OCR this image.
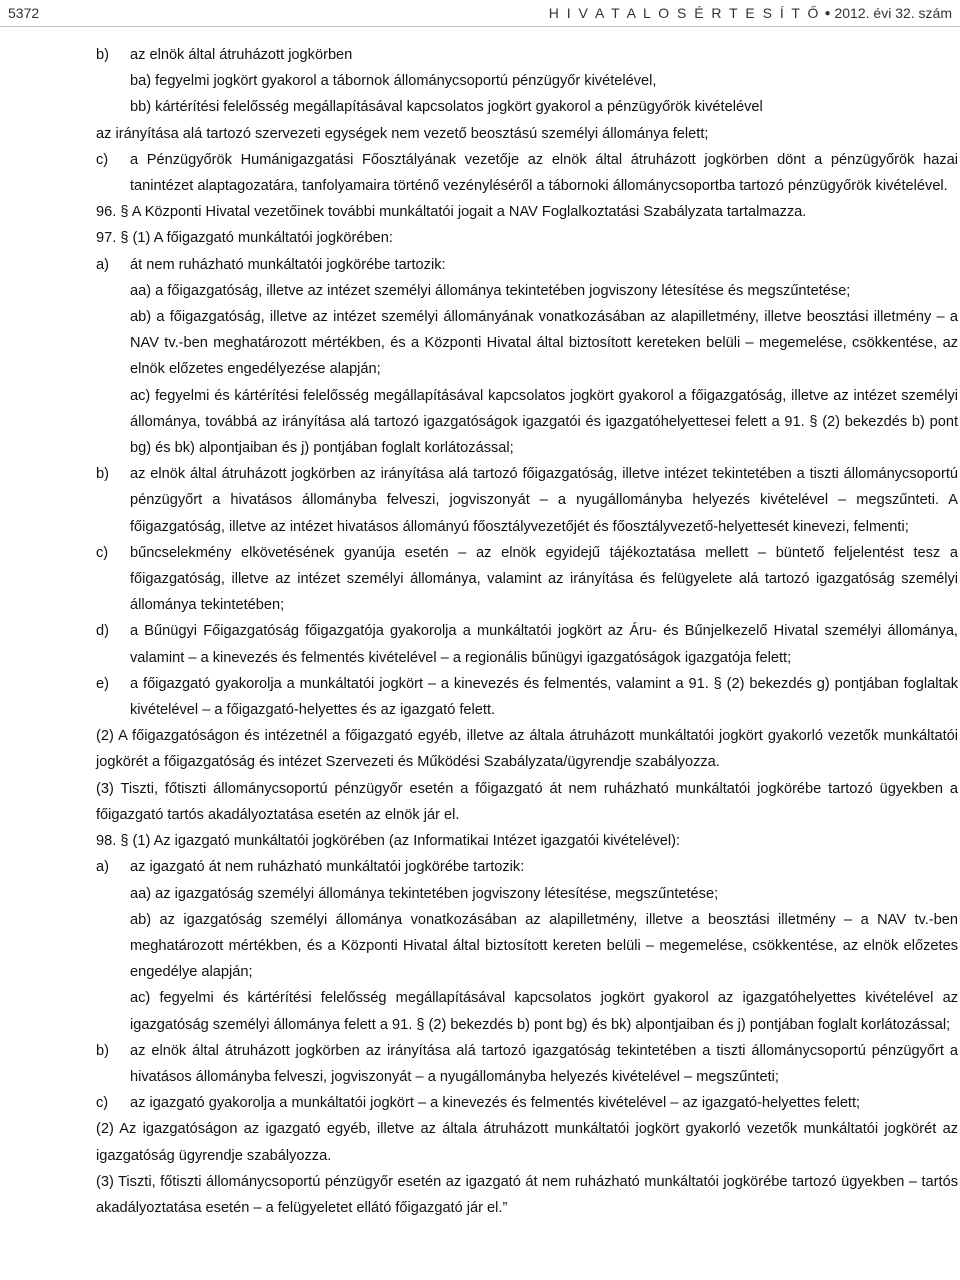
5372	H I V A T A L O S É R T E S Í T Ő ● 2012. évi 32. szám
b)	az elnök által átruházott jogkörben

ba) fegyelmi jogkört gyakorol a tábornok állománycsoportú pénzügyőr kivételével,

bb) kártérítési felelősség megállapításával kapcsolatos jogkört gyakorol a pénzügyőrök kivételével

az irányítása alá tartozó szervezeti egységek nem vezető beosztású személyi állománya felett;

c)	a Pénzügyőrök Humánigazgatási Főosztályának vezetője az elnök által átruházott jogkörben dönt a pénzügyőrök hazai tanintézet alaptagozatára, tanfolyamaira történő vezényléséről a tábornoki állománycsoportba tartozó pénzügyőrök kivételével.

96. § A Központi Hivatal vezetőinek további munkáltatói jogait a NAV Foglalkoztatási Szabályzata tartalmazza.

97. § (1) A főigazgató munkáltatói jogkörében:

a)	át nem ruházható munkáltatói jogkörébe tartozik:

aa) a főigazgatóság, illetve az intézet személyi állománya tekintetében jogviszony létesítése és megszűntetése;

ab) a főigazgatóság, illetve az intézet személyi állományának vonatkozásában az alapilletmény, illetve beosztási illetmény – a NAV tv.-ben meghatározott mértékben, és a Központi Hivatal által biztosított kereteken belüli – megemelése, csökkentése, az elnök előzetes engedélyezése alapján;

ac) fegyelmi és kártérítési felelősség megállapításával kapcsolatos jogkört gyakorol a főigazgatóság, illetve az intézet személyi állománya, továbbá az irányítása alá tartozó igazgatóságok igazgatói és igazgatóhelyettesei felett a 91. § (2) bekezdés b) pont bg) és bk) alpontjaiban és j) pontjában foglalt korlátozással;

b)	az elnök által átruházott jogkörben az irányítása alá tartozó főigazgatóság, illetve intézet tekintetében a tiszti állománycsoportú pénzügyőrt a hivatásos állományba felveszi, jogviszonyát – a nyugállományba helyezés kivételével – megszűnteti. A főigazgatóság, illetve az intézet hivatásos állományú főosztályvezetőjét és főosztályvezető-helyettesét kinevezi, felmenti;
c)	bűncselekmény elkövetésének gyanúja esetén – az elnök egyidejű tájékoztatása mellett – büntető feljelentést tesz a főigazgatóság, illetve az intézet személyi állománya, valamint az irányítása és felügyelete alá tartozó igazgatóság személyi állománya tekintetében;
d)	a Bűnügyi Főigazgatóság főigazgatója gyakorolja a munkáltatói jogkört az Áru- és Bűnjelkezelő Hivatal személyi állománya, valamint – a kinevezés és felmentés kivételével – a regionális bűnügyi igazgatóságok igazgatója felett;
e)	a főigazgató gyakorolja a munkáltatói jogkört – a kinevezés és felmentés, valamint a 91. § (2) bekezdés g) pontjában foglaltak kivételével – a főigazgató-helyettes és az igazgató felett.

(2) A főigazgatóságon és intézetnél a főigazgató egyéb, illetve az általa átruházott munkáltatói jogkört gyakorló vezetők munkáltatói jogkörét a főigazgatóság és intézet Szervezeti és Működési Szabályzata/ügyrendje szabályozza.

(3) Tiszti, főtiszti állománycsoportú pénzügyőr esetén a főigazgató át nem ruházható munkáltatói jogkörébe tartozó ügyekben a főigazgató tartós akadályoztatása esetén az elnök jár el.

98. § (1) Az igazgató munkáltatói jogkörében (az Informatikai Intézet igazgatói kivételével):

a)	az igazgató át nem ruházható munkáltatói jogkörébe tartozik:

aa) az igazgatóság személyi állománya tekintetében jogviszony létesítése, megszűntetése;

ab) az igazgatóság személyi állománya vonatkozásában az alapilletmény, illetve a beosztási illetmény – a NAV tv.-ben meghatározott mértékben, és a Központi Hivatal által biztosított kereten belüli – megemelése, csökkentése, az elnök előzetes engedélye alapján;

ac) fegyelmi és kártérítési felelősség megállapításával kapcsolatos jogkört gyakorol az igazgatóhelyettes kivételével az igazgatóság személyi állománya felett a 91. § (2) bekezdés b) pont bg) és bk) alpontjaiban és j) pontjában foglalt korlátozással;

b)	az elnök által átruházott jogkörben az irányítása alá tartozó igazgatóság tekintetében a tiszti állománycsoportú pénzügyőrt a hivatásos állományba felveszi, jogviszonyát – a nyugállományba helyezés kivételével – megszűnteti;
c)	az igazgató gyakorolja a munkáltatói jogkört – a kinevezés és felmentés kivételével – az igazgató-helyettes felett;

(2) Az igazgatóságon az igazgató egyéb, illetve az általa átruházott munkáltatói jogkört gyakorló vezetők munkáltatói jogkörét az igazgatóság ügyrendje szabályozza.

(3) Tiszti, főtiszti állománycsoportú pénzügyőr esetén az igazgató át nem ruházható munkáltatói jogkörébe tartozó ügyekben – tartós akadályoztatása esetén – a felügyeletet ellátó főigazgató jár el.”
